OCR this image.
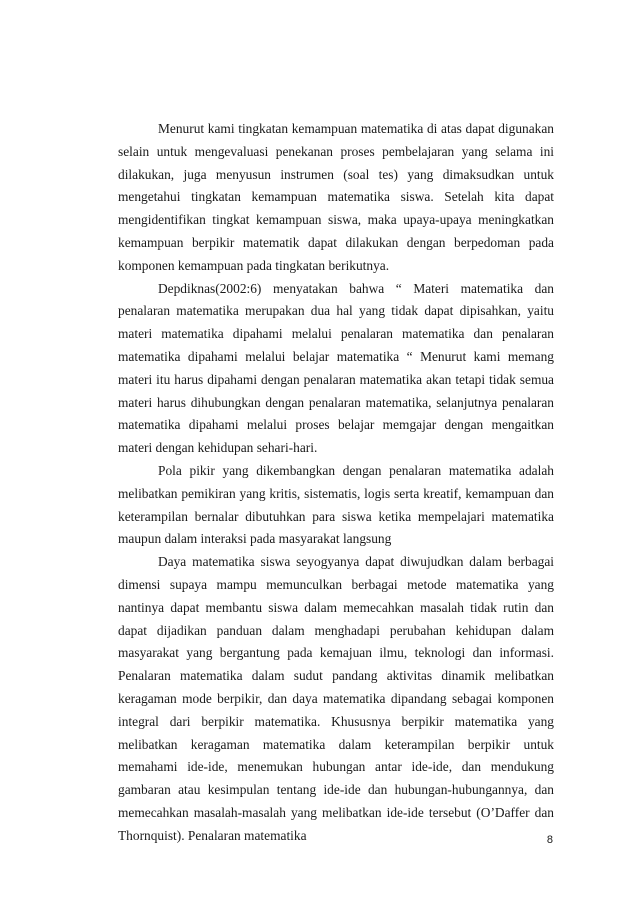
Menurut kami tingkatan kemampuan matematika di atas dapat digunakan selain untuk mengevaluasi penekanan proses pembelajaran yang selama ini dilakukan, juga menyusun instrumen (soal tes) yang dimaksudkan untuk mengetahui tingkatan kemampuan matematika siswa. Setelah kita dapat mengidentifikan tingkat kemampuan siswa, maka upaya-upaya meningkatkan kemampuan berpikir matematik dapat dilakukan dengan berpedoman pada komponen kemampuan pada tingkatan berikutnya.

Depdiknas(2002:6) menyatakan bahwa “ Materi matematika dan penalaran matematika merupakan dua hal yang tidak dapat dipisahkan, yaitu materi matematika dipahami melalui penalaran matematika dan penalaran matematika dipahami melalui belajar matematika “ Menurut kami memang materi itu harus dipahami dengan penalaran matematika akan tetapi tidak semua materi harus dihubungkan dengan penalaran matematika, selanjutnya penalaran matematika dipahami melalui proses belajar memgajar dengan mengaitkan materi dengan kehidupan sehari-hari.

Pola pikir yang dikembangkan dengan penalaran matematika adalah melibatkan pemikiran yang kritis, sistematis, logis serta kreatif, kemampuan dan keterampilan bernalar dibutuhkan para siswa ketika mempelajari matematika maupun dalam interaksi pada masyarakat langsung

Daya matematika siswa seyogyanya dapat diwujudkan dalam berbagai dimensi supaya mampu memunculkan berbagai metode matematika yang nantinya dapat membantu siswa dalam memecahkan masalah tidak rutin dan dapat dijadikan panduan dalam menghadapi perubahan kehidupan dalam masyarakat yang bergantung pada kemajuan ilmu, teknologi dan informasi. Penalaran matematika dalam sudut pandang aktivitas dinamik melibatkan keragaman mode berpikir, dan daya matematika dipandang sebagai komponen integral dari berpikir matematika. Khususnya berpikir matematika yang melibatkan keragaman matematika dalam keterampilan berpikir untuk memahami ide-ide, menemukan hubungan antar ide-ide, dan mendukung gambaran atau kesimpulan tentang ide-ide dan hubungan-hubungannya, dan memecahkan masalah-masalah yang melibatkan ide-ide tersebut (O’Daffer dan Thornquist). Penalaran matematika	8
